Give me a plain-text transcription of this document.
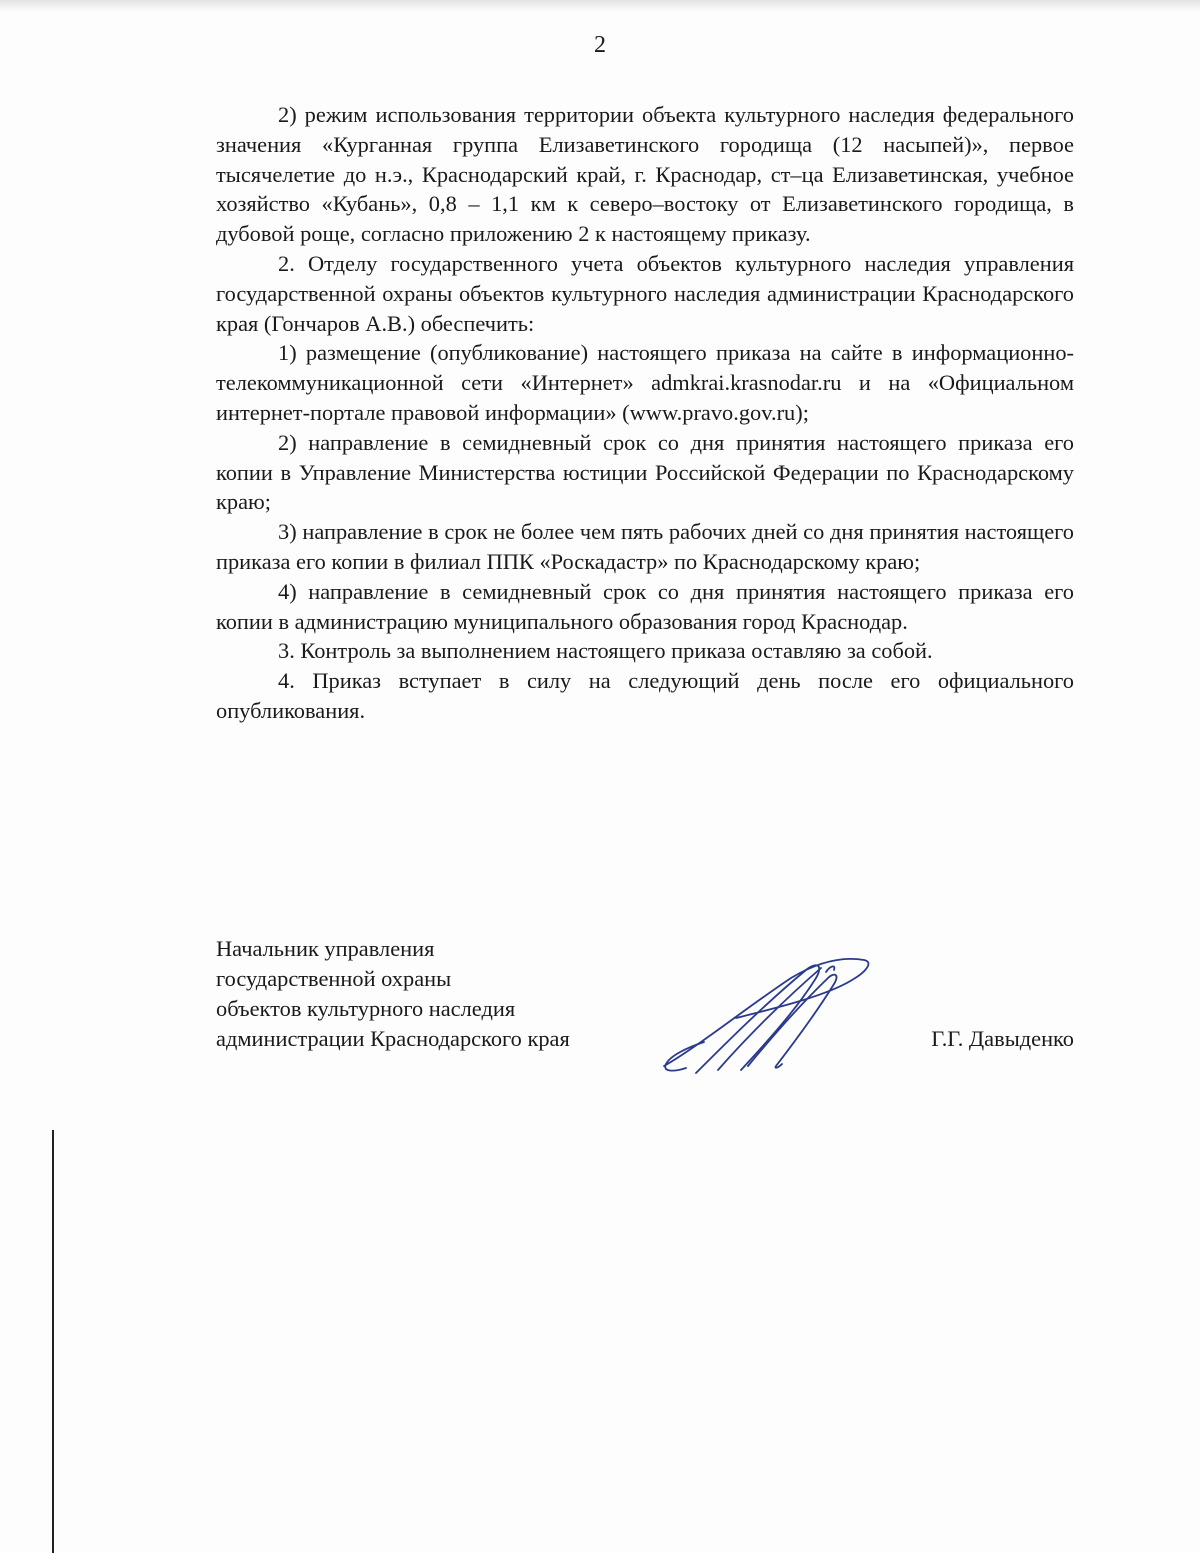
2

2) режим использования территории объекта культурного наследия федерального значения «Курганная группа Елизаветинского городища (12 насыпей)», первое тысячелетие до н.э., Краснодарский край, г. Краснодар, ст–ца Елизаветинская, учебное хозяйство «Кубань», 0,8 – 1,1 км к северо–востоку от Елизаветинского городища, в дубовой роще, согласно приложению 2 к настоящему приказу.

2. Отделу государственного учета объектов культурного наследия управления государственной охраны объектов культурного наследия администрации Краснодарского края (Гончаров А.В.) обеспечить:

1) размещение (опубликование) настоящего приказа на сайте в информационно-телекоммуникационной сети «Интернет» admkrai.krasnodar.ru и на «Официальном интернет-портале правовой информации» (www.pravo.gov.ru);

2) направление в семидневный срок со дня принятия настоящего приказа его копии в Управление Министерства юстиции Российской Федерации по Краснодарскому краю;

3) направление в срок не более чем пять рабочих дней со дня принятия настоящего приказа его копии в филиал ППК «Роскадастр» по Краснодарскому краю;

4) направление в семидневный срок со дня принятия настоящего приказа его копии в администрацию муниципального образования город Краснодар.

3. Контроль за выполнением настоящего приказа оставляю за собой.

4. Приказ вступает в силу на следующий день после его официального опубликования.

Начальник управления
государственной охраны
объектов культурного наследия
администрации Краснодарского края	Г.Г. Давыденко
